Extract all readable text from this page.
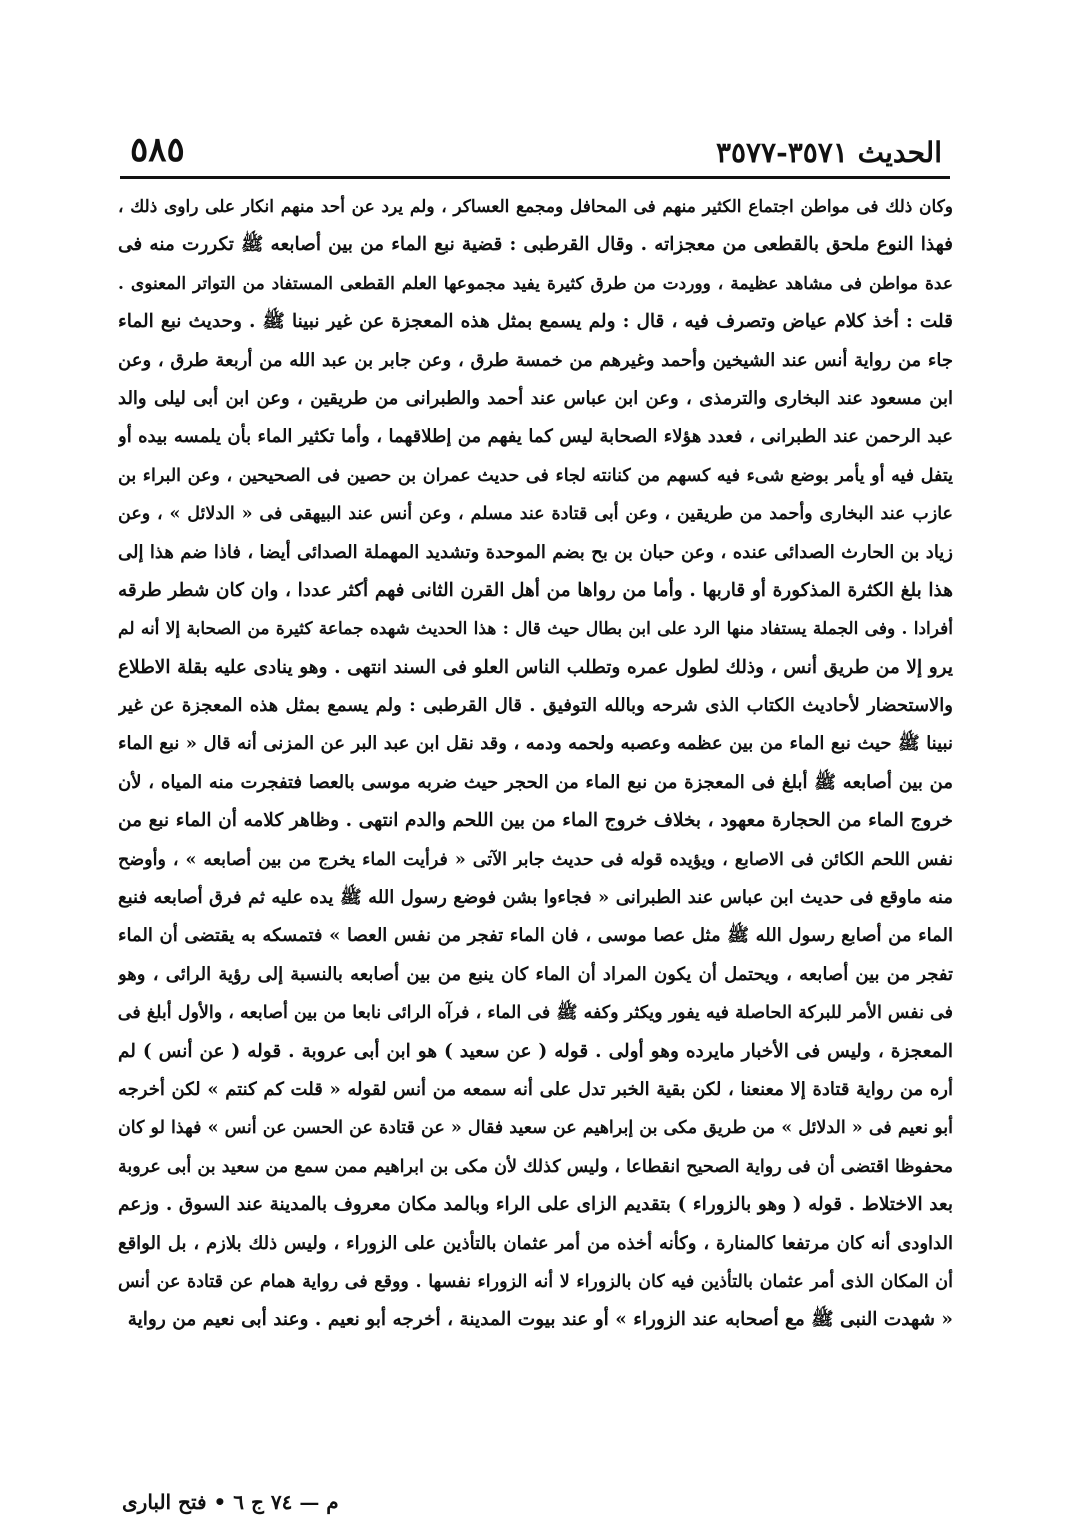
الحديث ٣٥٧١-٣٥٧٧
٥٨٥
وكان ذلك فى مواطن اجتماع الكثير منهم فى المحافل ومجمع العساكر ، ولم يرد عن أحد منهم انكار على راوى ذلك ،
فهذا النوع ملحق بالقطعى من معجزاته . وقال القرطبى : قضية نبع الماء من بين أصابعه ﷺ تكررت منه فى
عدة مواطن فى مشاهد عظيمة ، ووردت من طرق كثيرة يفيد مجموعها العلم القطعى المستفاد من التواتر المعنوى .
قلت : أخذ كلام عياض وتصرف فيه ، قال : ولم يسمع بمثل هذه المعجزة عن غير نبينا ﷺ . وحديث نبع الماء
جاء من رواية أنس عند الشيخين وأحمد وغيرهم من خمسة طرق ، وعن جابر بن عبد الله من أربعة طرق ، وعن
ابن مسعود عند البخارى والترمذى ، وعن ابن عباس عند أحمد والطبرانى من طريقين ، وعن ابن أبى ليلى والد
عبد الرحمن عند الطبرانى ، فعدد هؤلاء الصحابة ليس كما يفهم من إطلاقهما ، وأما تكثير الماء بأن يلمسه بيده أو
يتفل فيه أو يأمر بوضع شىء فيه كسهم من كنانته لجاء فى حديث عمران بن حصين فى الصحيحين ، وعن البراء بن
عازب عند البخارى وأحمد من طريقين ، وعن أبى قتادة عند مسلم ، وعن أنس عند البيهقى فى « الدلائل » ، وعن
زياد بن الحارث الصدائى عنده ، وعن حبان بن بح بضم الموحدة وتشديد المهملة الصدائى أيضا ، فاذا ضم هذا إلى
هذا بلغ الكثرة المذكورة أو قاربها . وأما من رواها من أهل القرن الثانى فهم أكثر عددا ، وان كان شطر طرقه
أفرادا . وفى الجملة يستفاد منها الرد على ابن بطال حيث قال : هذا الحديث شهده جماعة كثيرة من الصحابة إلا أنه لم
يرو إلا من طريق أنس ، وذلك لطول عمره وتطلب الناس العلو فى السند انتهى . وهو ينادى عليه بقلة الاطلاع
والاستحضار لأحاديث الكتاب الذى شرحه وبالله التوفيق . قال القرطبى : ولم يسمع بمثل هذه المعجزة عن غير
نبينا ﷺ حيث نبع الماء من بين عظمه وعصبه ولحمه ودمه ، وقد نقل ابن عبد البر عن المزنى أنه قال « نبع الماء
من بين أصابعه ﷺ أبلغ فى المعجزة من نبع الماء من الحجر حيث ضربه موسى بالعصا فتفجرت منه المياه ، لأن
خروج الماء من الحجارة معهود ، بخلاف خروج الماء من بين اللحم والدم انتهى . وظاهر كلامه أن الماء نبع من
نفس اللحم الكائن فى الاصابع ، ويؤيده قوله فى حديث جابر الآتى « فرأيت الماء يخرج من بين أصابعه » ، وأوضح
منه ماوقع فى حديث ابن عباس عند الطبرانى « فجاءوا بشن فوضع رسول الله ﷺ يده عليه ثم فرق أصابعه فنبع
الماء من أصابع رسول الله ﷺ مثل عصا موسى ، فان الماء تفجر من نفس العصا » فتمسكه به يقتضى أن الماء
تفجر من بين أصابعه ، ويحتمل أن يكون المراد أن الماء كان ينبع من بين أصابعه بالنسبة إلى رؤية الرائى ، وهو
فى نفس الأمر للبركة الحاصلة فيه يفور ويكثر وكفه ﷺ فى الماء ، فرآه الرائى نابعا من بين أصابعه ، والأول أبلغ فى
المعجزة ، وليس فى الأخبار مايرده وهو أولى . قوله ( عن سعيد ) هو ابن أبى عروبة . قوله ( عن أنس ) لم
أره من رواية قتادة إلا معنعنا ، لكن بقية الخبر تدل على أنه سمعه من أنس لقوله « قلت كم كنتم » لكن أخرجه
أبو نعيم فى « الدلائل » من طريق مكى بن إبراهيم عن سعيد فقال « عن قتادة عن الحسن عن أنس » فهذا لو كان
محفوظا اقتضى أن فى رواية الصحيح انقطاعا ، وليس كذلك لأن مكى بن ابراهيم ممن سمع من سعيد بن أبى عروبة
بعد الاختلاط . قوله ( وهو بالزوراء ) بتقديم الزاى على الراء وبالمد مكان معروف بالمدينة عند السوق . وزعم
الداودى أنه كان مرتفعا كالمنارة ، وكأنه أخذه من أمر عثمان بالتأذين على الزوراء ، وليس ذلك بلازم ، بل الواقع
أن المكان الذى أمر عثمان بالتأذين فيه كان بالزوراء لا أنه الزوراء نفسها . ووقع فى رواية همام عن قتادة عن أنس
« شهدت النبى ﷺ مع أصحابه عند الزوراء » أو عند بيوت المدينة ، أخرجه أبو نعيم . وعند أبى نعيم من رواية
م — ٧٤ ج ٦ • فتح البارى
